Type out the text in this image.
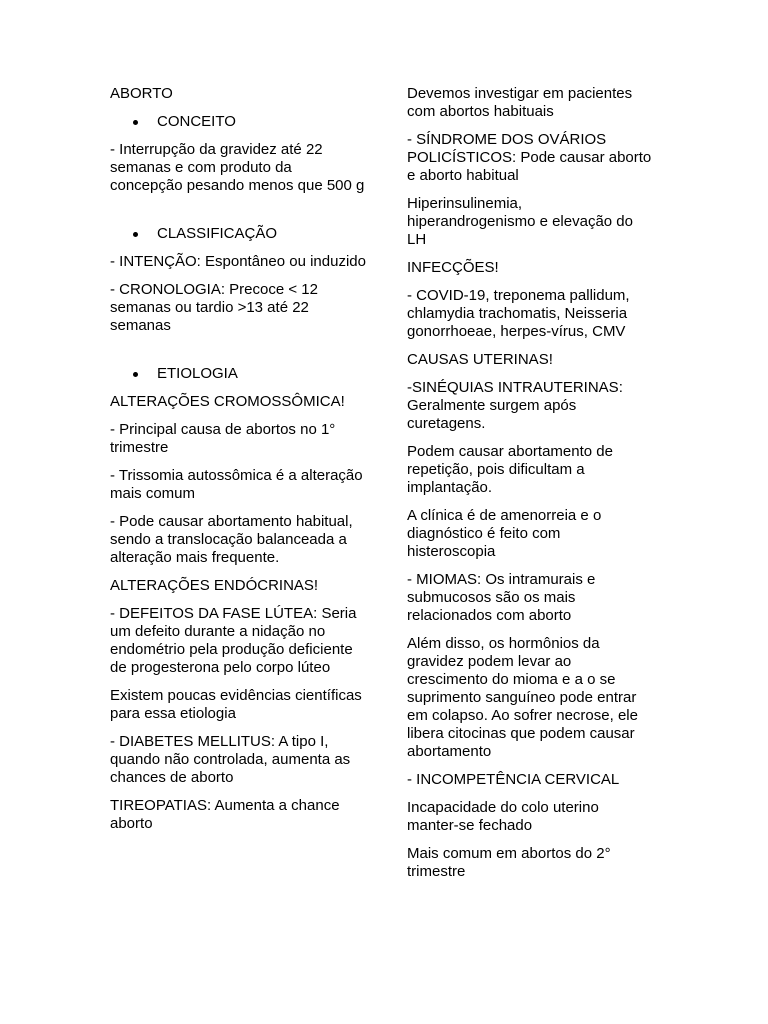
ABORTO

CONCEITO

- Interrupção da gravidez até 22 semanas e com produto da concepção pesando menos que 500 g

CLASSIFICAÇÃO

- INTENÇÃO: Espontâneo ou induzido

- CRONOLOGIA: Precoce < 12 semanas ou tardio >13 até 22 semanas

ETIOLOGIA

ALTERAÇÕES CROMOSSÔMICA!

- Principal causa de abortos no 1° trimestre

- Trissomia autossômica é a alteração mais comum

- Pode causar abortamento habitual, sendo a translocação balanceada a alteração mais frequente.

ALTERAÇÕES ENDÓCRINAS!

- DEFEITOS DA FASE LÚTEA: Seria um defeito durante a nidação no endométrio pela produção deficiente de progesterona pelo corpo lúteo

Existem poucas evidências científicas para essa etiologia

- DIABETES MELLITUS: A tipo I, quando não controlada, aumenta as chances de aborto

TIREOPATIAS: Aumenta a chance aborto

Devemos investigar em pacientes com abortos habituais

- SÍNDROME DOS OVÁRIOS POLICÍSTICOS: Pode causar aborto e aborto habitual

Hiperinsulinemia, hiperandrogenismo e elevação do LH

INFECÇÕES!

- COVID-19, treponema pallidum, chlamydia trachomatis, Neisseria gonorrhoeae, herpes-vírus, CMV

CAUSAS UTERINAS!

-SINÉQUIAS INTRAUTERINAS: Geralmente surgem após curetagens.

Podem causar abortamento de repetição, pois dificultam a implantação.

A clínica é de amenorreia e o diagnóstico é feito com histeroscopia

- MIOMAS: Os intramurais e submucosos são os mais relacionados com aborto

Além disso, os hormônios da gravidez podem levar ao crescimento do mioma e a o se suprimento sanguíneo pode entrar em colapso. Ao sofrer necrose, ele libera citocinas que podem causar abortamento

- INCOMPETÊNCIA CERVICAL

Incapacidade do colo uterino manter-se fechado

Mais comum em abortos do 2° trimestre
